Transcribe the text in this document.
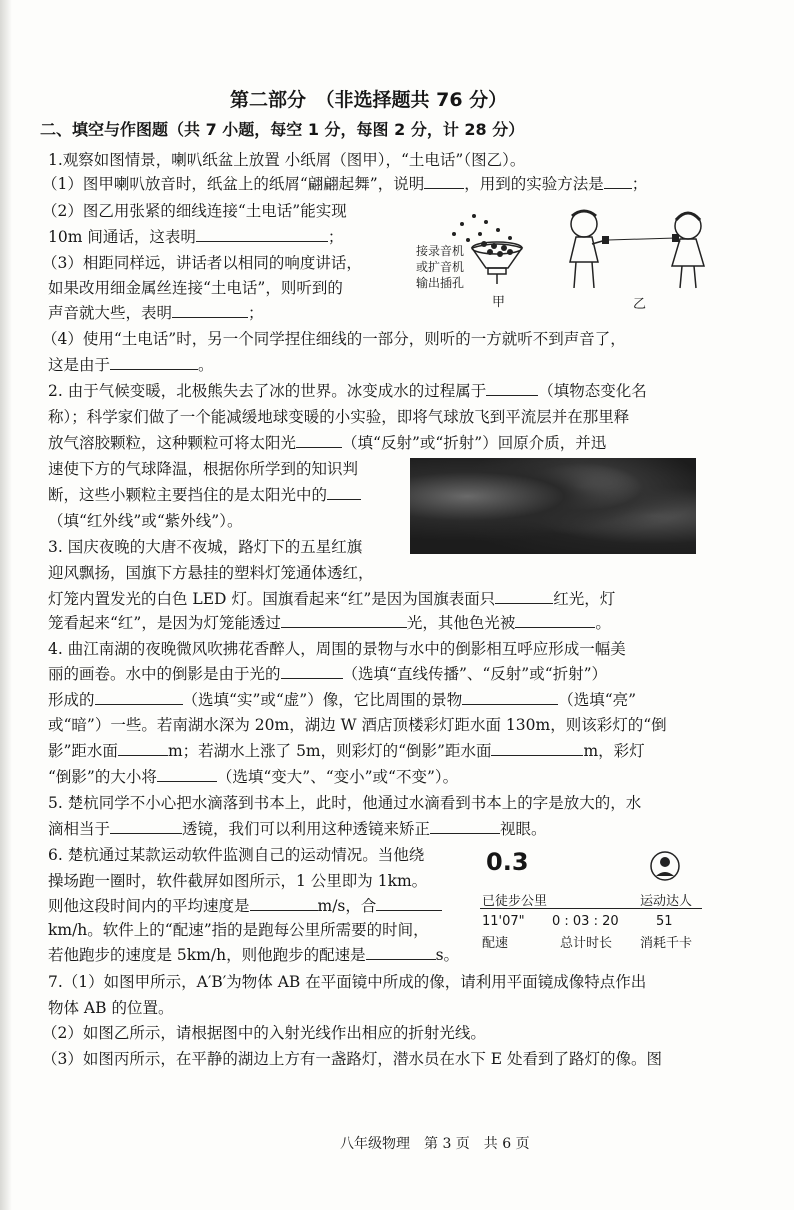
第二部分　（非选择题共 76 分）
二、填空与作图题（共 7 小题，每空 1 分，每图 2 分，计 28 分）
1.观察如图情景，喇叭纸盆上放置 小纸屑（图甲），“土电话”（图乙）。
（1）图甲喇叭放音时，纸盆上的纸屑“翩翩起舞”，说明	，用到的实验方法是 ；
（2）图乙用张紧的细线连接“土电话”能实现
10m 间通话，这表明	；
（3）相距同样远，讲话者以相同的响度讲话，
如果改用细金属丝连接“土电话”，则听到的
声音就大些，表明	；
（4）使用“土电话”时，另一个同学捏住细线的一部分，则听的一方就听不到声音了，
这是由于	。
接录音机
或扩音机
输出插孔
甲	乙
2. 由于气候变暖，北极熊失去了冰的世界。冰变成水的过程属于	（填物态变化名
称）；科学家们做了一个能减缓地球变暖的小实验，即将气球放飞到平流层并在那里释
放气溶胶颗粒，这种颗粒可将太阳光	（填“反射”或“折射”）回原介质，并迅
速使下方的气球降温，根据你所学到的知识判
断，这些小颗粒主要挡住的是太阳光中的
（填“红外线”或“紫外线”）。
3. 国庆夜晚的大唐不夜城，路灯下的五星红旗
迎风飘扬，国旗下方悬挂的塑料灯笼通体透红，
灯笼内置发光的白色 LED 灯。国旗看起来“红”是因为国旗表面只	红光，灯
笼看起来“红”，是因为灯笼能透过	光，其他色光被	。
4. 曲江南湖的夜晚微风吹拂花香醉人，周围的景物与水中的倒影相互呼应形成一幅美
丽的画卷。水中的倒影是由于光的	（选填“直线传播”、“反射”或“折射”）
形成的	（选填“实”或“虚”）像，它比周围的景物	（选填“亮”
或“暗”）一些。若南湖水深为 20m，湖边 W 酒店顶楼彩灯距水面 130m，则该彩灯的“倒
影”距水面	m；若湖水上涨了 5m，则彩灯的“倒影”距水面	m，彩灯
“倒影”的大小将	（选填“变大”、“变小”或“不变”）。
5. 楚杭同学不小心把水滴落到书本上，此时，他通过水滴看到书本上的字是放大的，水
滴相当于	透镜，我们可以利用这种透镜来矫正	视眼。
6. 楚杭通过某款运动软件监测自己的运动情况。当他绕
操场跑一圈时，软件截屏如图所示，1 公里即为 1km。
则他这段时间内的平均速度是	m/s，合
km/h。软件上的“配速”指的是跑每公里所需要的时间，
若他跑步的速度是 5km/h，则他跑步的配速是	s。
0.3
已徒步公里	运动达人
11'07" 0 : 03 : 20	51
配速	总计时长 消耗千卡
7.（1）如图甲所示，A′B′为物体 AB 在平面镜中所成的像，请利用平面镜成像特点作出
物体 AB 的位置。
（2）如图乙所示，请根据图中的入射光线作出相应的折射光线。
（3）如图丙所示，在平静的湖边上方有一盏路灯，潜水员在水下 E 处看到了路灯的像。图
八年级物理　第 3 页　共 6 页
